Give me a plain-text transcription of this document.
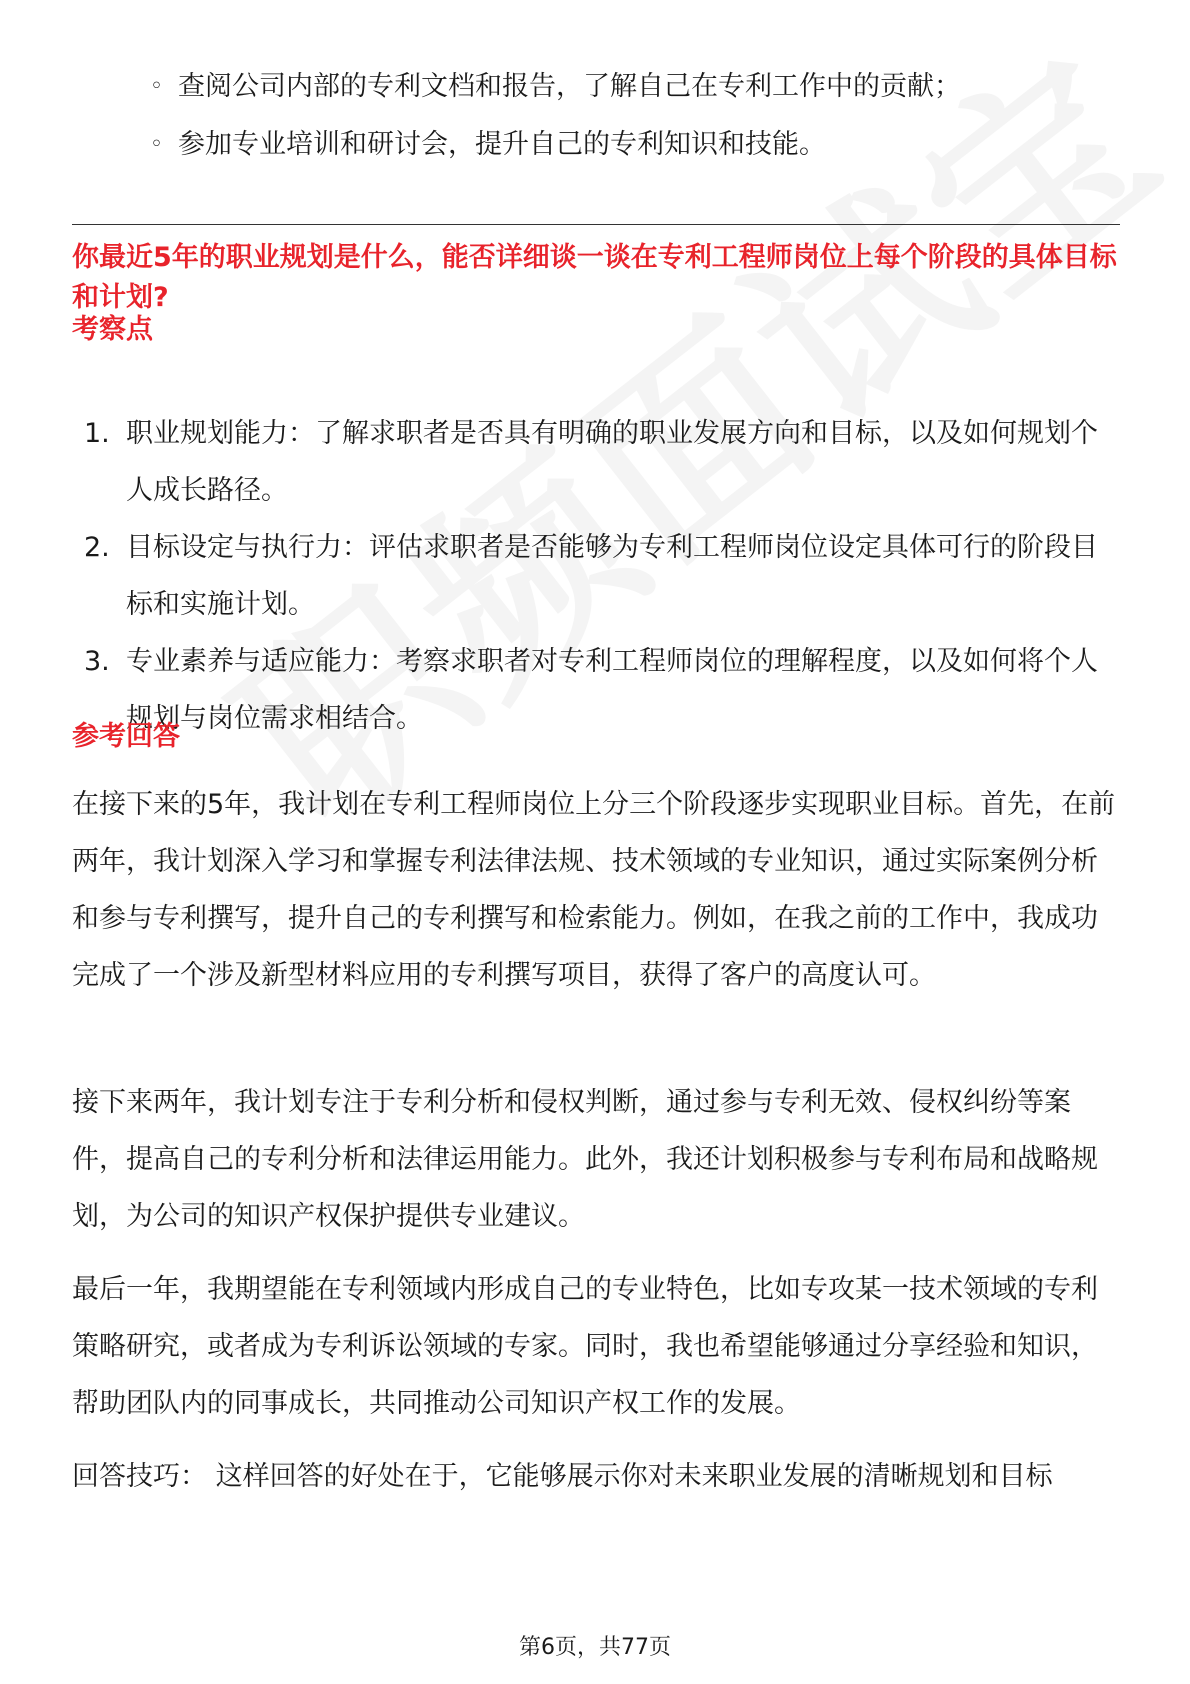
◦ 查阅公司内部的专利文档和报告，了解自己在专利工作中的贡献；
◦ 参加专业培训和研讨会，提升自己的专利知识和技能。

你最近5年的职业规划是什么，能否详细谈一谈在专利工程师岗位上每个阶段的具体目标和计划?

考察点

1. 职业规划能力：了解求职者是否具有明确的职业发展方向和目标，以及如何规划个人成长路径。
2. 目标设定与执行力：评估求职者是否能够为专利工程师岗位设定具体可行的阶段目标和实施计划。
3. 专业素养与适应能力：考察求职者对专利工程师岗位的理解程度，以及如何将个人规划与岗位需求相结合。

参考回答

在接下来的5年，我计划在专利工程师岗位上分三个阶段逐步实现职业目标。首先，在前两年，我计划深入学习和掌握专利法律法规、技术领域的专业知识，通过实际案例分析和参与专利撰写，提升自己的专利撰写和检索能力。例如，在我之前的工作中，我成功完成了一个涉及新型材料应用的专利撰写项目，获得了客户的高度认可。

接下来两年，我计划专注于专利分析和侵权判断，通过参与专利无效、侵权纠纷等案件，提高自己的专利分析和法律运用能力。此外，我还计划积极参与专利布局和战略规划，为公司的知识产权保护提供专业建议。

最后一年，我期望能在专利领域内形成自己的专业特色，比如专攻某一技术领域的专利策略研究，或者成为专利诉讼领域的专家。同时，我也希望能够通过分享经验和知识，帮助团队内的同事成长，共同推动公司知识产权工作的发展。

回答技巧： 这样回答的好处在于，它能够展示你对未来职业发展的清晰规划和目标

第6页，共77页
